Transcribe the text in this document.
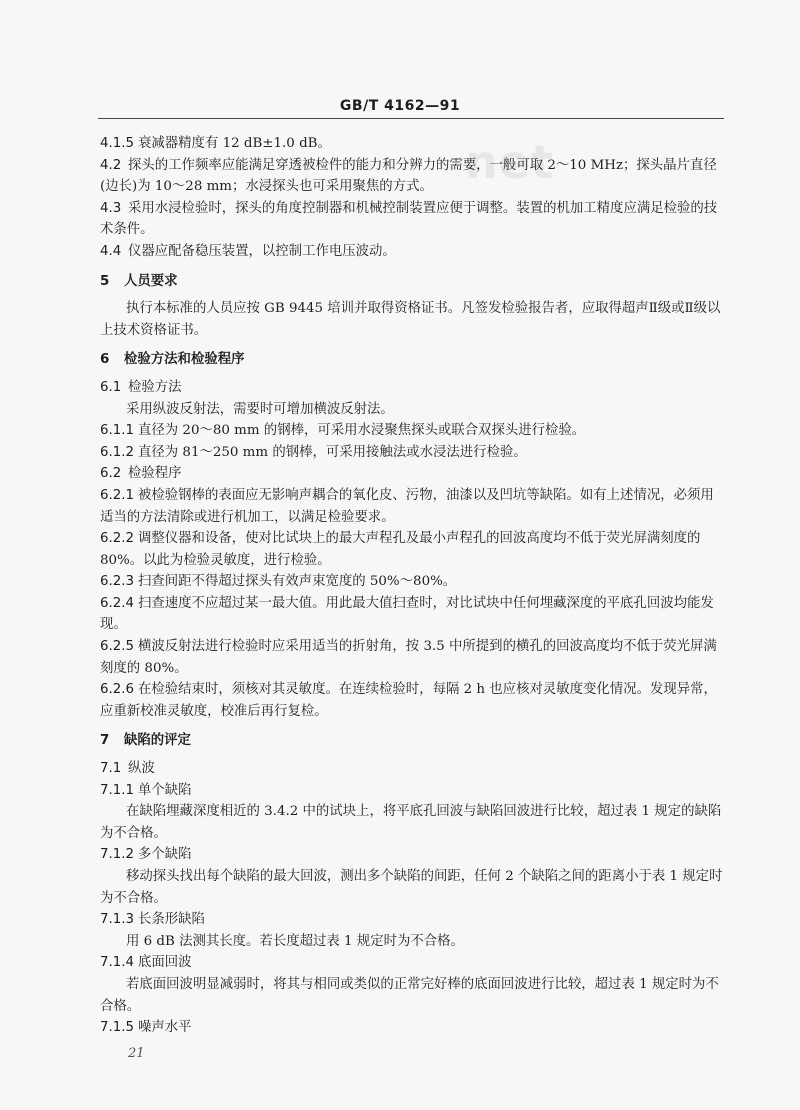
net
GB/T 4162—91

4.1.5 衰减器精度有 12 dB±1.0 dB。

4.2 探头的工作频率应能满足穿透被检件的能力和分辨力的需要，一般可取 2～10 MHz；探头晶片直径(边长)为 10～28 mm；水浸探头也可采用聚焦的方式。

4.3 采用水浸检验时，探头的角度控制器和机械控制装置应便于调整。装置的机加工精度应满足检验的技术条件。

4.4 仪器应配备稳压装置，以控制工作电压波动。

5 人员要求

执行本标准的人员应按 GB 9445 培训并取得资格证书。凡签发检验报告者，应取得超声Ⅱ级或Ⅱ级以上技术资格证书。

6 检验方法和检验程序

6.1 检验方法

采用纵波反射法，需要时可增加横波反射法。

6.1.1 直径为 20～80 mm 的钢棒，可采用水浸聚焦探头或联合双探头进行检验。

6.1.2 直径为 81～250 mm 的钢棒，可采用接触法或水浸法进行检验。

6.2 检验程序

6.2.1 被检验钢棒的表面应无影响声耦合的氧化皮、污物，油漆以及凹坑等缺陷。如有上述情况，必须用适当的方法清除或进行机加工，以满足检验要求。

6.2.2 调整仪器和设备，使对比试块上的最大声程孔及最小声程孔的回波高度均不低于荧光屏满刻度的 80%。以此为检验灵敏度，进行检验。

6.2.3 扫查间距不得超过探头有效声束宽度的 50%～80%。

6.2.4 扫查速度不应超过某一最大值。用此最大值扫查时，对比试块中任何埋藏深度的平底孔回波均能发现。

6.2.5 横波反射法进行检验时应采用适当的折射角，按 3.5 中所提到的横孔的回波高度均不低于荧光屏满刻度的 80%。

6.2.6 在检验结束时，须核对其灵敏度。在连续检验时，每隔 2 h 也应核对灵敏度变化情况。发现异常，应重新校准灵敏度，校准后再行复检。

7 缺陷的评定

7.1 纵波

7.1.1 单个缺陷

在缺陷埋藏深度相近的 3.4.2 中的试块上，将平底孔回波与缺陷回波进行比较，超过表 1 规定的缺陷为不合格。

7.1.2 多个缺陷

移动探头找出每个缺陷的最大回波，测出多个缺陷的间距，任何 2 个缺陷之间的距离小于表 1 规定时为不合格。

7.1.3 长条形缺陷

用 6 dB 法测其长度。若长度超过表 1 规定时为不合格。

7.1.4 底面回波

若底面回波明显减弱时，将其与相同或类似的正常完好棒的底面回波进行比较，超过表 1 规定时为不合格。

7.1.5 噪声水平

21
